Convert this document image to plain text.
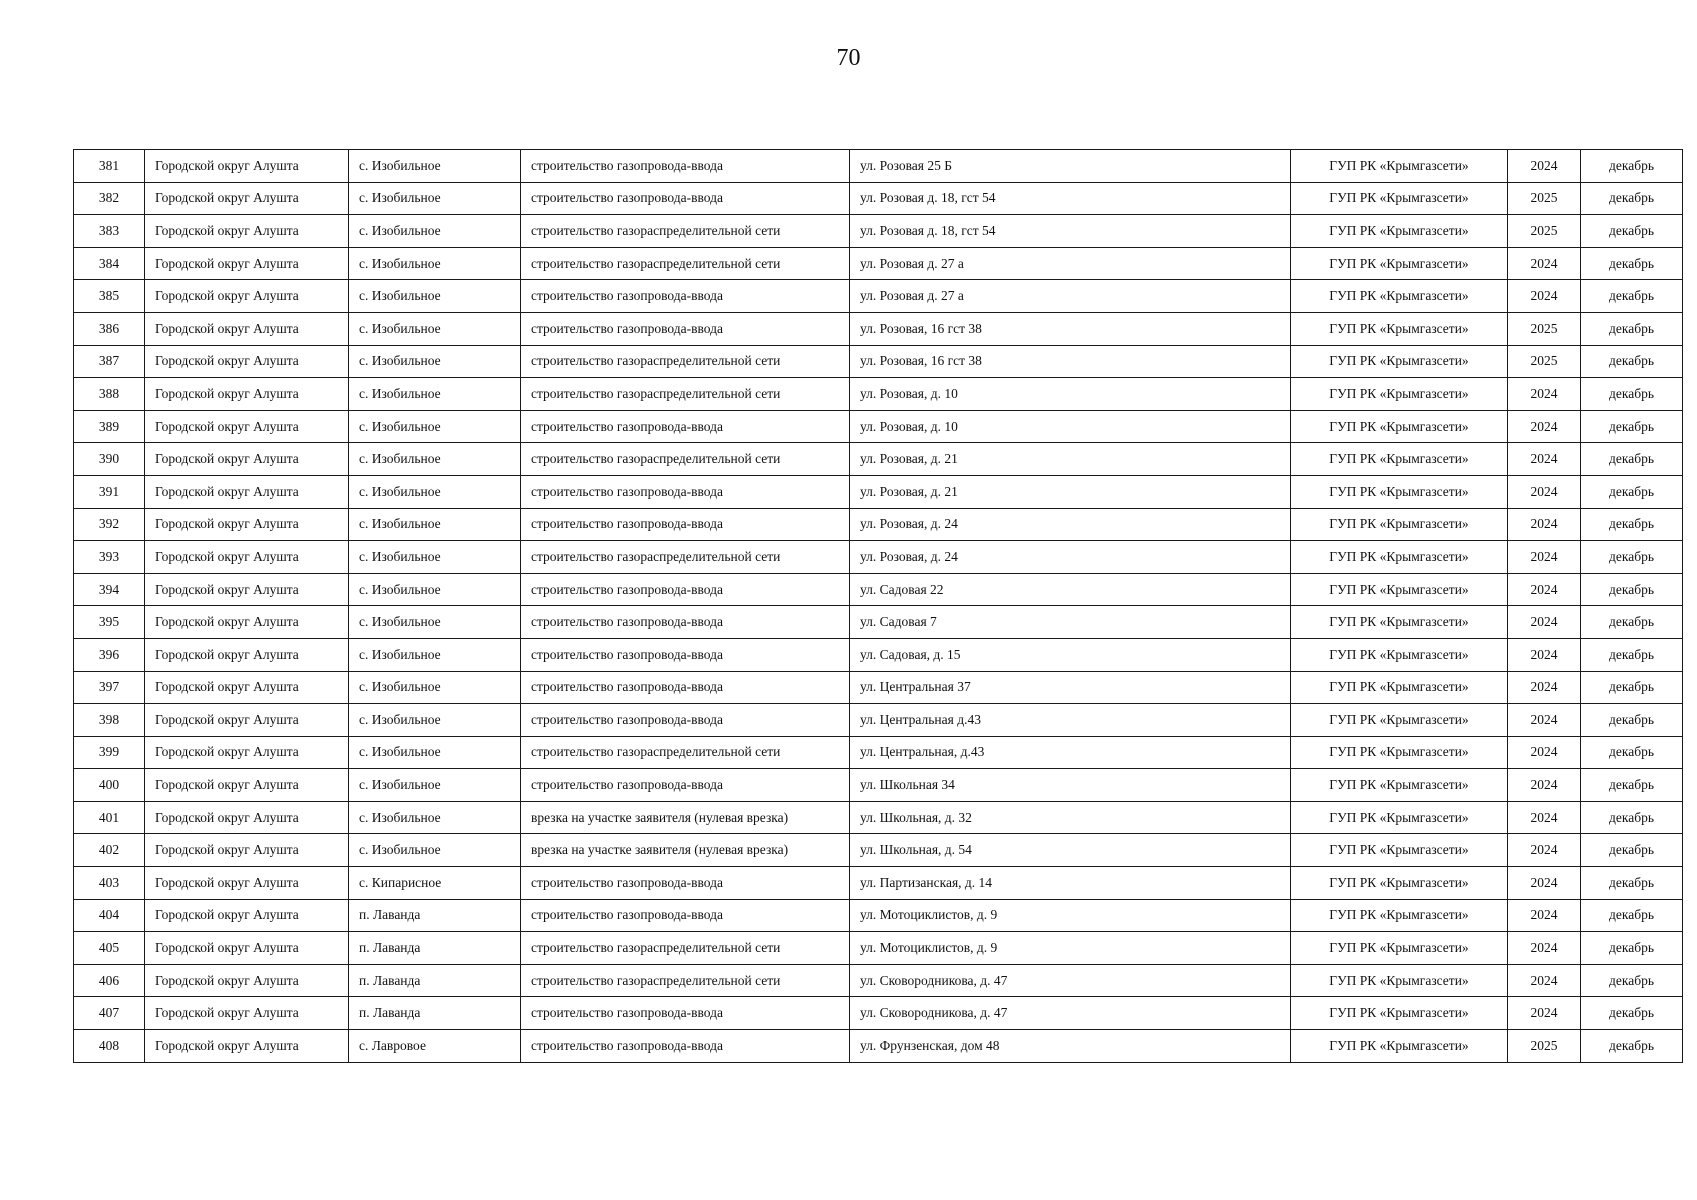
70
381	Городской округ Алушта	с. Изобильное	строительство газопровода-ввода	ул. Розовая 25 Б	ГУП РК «Крымгазсети»	2024	декабрь
382	Городской округ Алушта	с. Изобильное	строительство газопровода-ввода	ул. Розовая д. 18, гст 54	ГУП РК «Крымгазсети»	2025	декабрь
383	Городской округ Алушта	с. Изобильное	строительство газораспределительной сети	ул. Розовая д. 18, гст 54	ГУП РК «Крымгазсети»	2025	декабрь
384	Городской округ Алушта	с. Изобильное	строительство газораспределительной сети	ул. Розовая д. 27 а	ГУП РК «Крымгазсети»	2024	декабрь
385	Городской округ Алушта	с. Изобильное	строительство газопровода-ввода	ул. Розовая д. 27 а	ГУП РК «Крымгазсети»	2024	декабрь
386	Городской округ Алушта	с. Изобильное	строительство газопровода-ввода	ул. Розовая, 16 гст 38	ГУП РК «Крымгазсети»	2025	декабрь
387	Городской округ Алушта	с. Изобильное	строительство газораспределительной сети	ул. Розовая, 16 гст 38	ГУП РК «Крымгазсети»	2025	декабрь
388	Городской округ Алушта	с. Изобильное	строительство газораспределительной сети	ул. Розовая, д. 10	ГУП РК «Крымгазсети»	2024	декабрь
389	Городской округ Алушта	с. Изобильное	строительство газопровода-ввода	ул. Розовая, д. 10	ГУП РК «Крымгазсети»	2024	декабрь
390	Городской округ Алушта	с. Изобильное	строительство газораспределительной сети	ул. Розовая, д. 21	ГУП РК «Крымгазсети»	2024	декабрь
391	Городской округ Алушта	с. Изобильное	строительство газопровода-ввода	ул. Розовая, д. 21	ГУП РК «Крымгазсети»	2024	декабрь
392	Городской округ Алушта	с. Изобильное	строительство газопровода-ввода	ул. Розовая, д. 24	ГУП РК «Крымгазсети»	2024	декабрь
393	Городской округ Алушта	с. Изобильное	строительство газораспределительной сети	ул. Розовая, д. 24	ГУП РК «Крымгазсети»	2024	декабрь
394	Городской округ Алушта	с. Изобильное	строительство газопровода-ввода	ул. Садовая 22	ГУП РК «Крымгазсети»	2024	декабрь
395	Городской округ Алушта	с. Изобильное	строительство газопровода-ввода	ул. Садовая 7	ГУП РК «Крымгазсети»	2024	декабрь
396	Городской округ Алушта	с. Изобильное	строительство газопровода-ввода	ул. Садовая, д. 15	ГУП РК «Крымгазсети»	2024	декабрь
397	Городской округ Алушта	с. Изобильное	строительство газопровода-ввода	ул. Центральная 37	ГУП РК «Крымгазсети»	2024	декабрь
398	Городской округ Алушта	с. Изобильное	строительство газопровода-ввода	ул. Центральная д.43	ГУП РК «Крымгазсети»	2024	декабрь
399	Городской округ Алушта	с. Изобильное	строительство газораспределительной сети	ул. Центральная, д.43	ГУП РК «Крымгазсети»	2024	декабрь
400	Городской округ Алушта	с. Изобильное	строительство газопровода-ввода	ул. Школьная 34	ГУП РК «Крымгазсети»	2024	декабрь
401	Городской округ Алушта	с. Изобильное	врезка на участке заявителя (нулевая врезка)	ул. Школьная, д. 32	ГУП РК «Крымгазсети»	2024	декабрь
402	Городской округ Алушта	с. Изобильное	врезка на участке заявителя (нулевая врезка)	ул. Школьная, д. 54	ГУП РК «Крымгазсети»	2024	декабрь
403	Городской округ Алушта	с. Кипарисное	строительство газопровода-ввода	ул. Партизанская, д. 14	ГУП РК «Крымгазсети»	2024	декабрь
404	Городской округ Алушта	п. Лаванда	строительство газопровода-ввода	ул. Мотоциклистов, д. 9	ГУП РК «Крымгазсети»	2024	декабрь
405	Городской округ Алушта	п. Лаванда	строительство газораспределительной сети	ул. Мотоциклистов, д. 9	ГУП РК «Крымгазсети»	2024	декабрь
406	Городской округ Алушта	п. Лаванда	строительство газораспределительной сети	ул. Сковородникова, д. 47	ГУП РК «Крымгазсети»	2024	декабрь
407	Городской округ Алушта	п. Лаванда	строительство газопровода-ввода	ул. Сковородникова, д. 47	ГУП РК «Крымгазсети»	2024	декабрь
408	Городской округ Алушта	с. Лавровое	строительство газопровода-ввода	ул. Фрунзенская, дом 48	ГУП РК «Крымгазсети»	2025	декабрь
